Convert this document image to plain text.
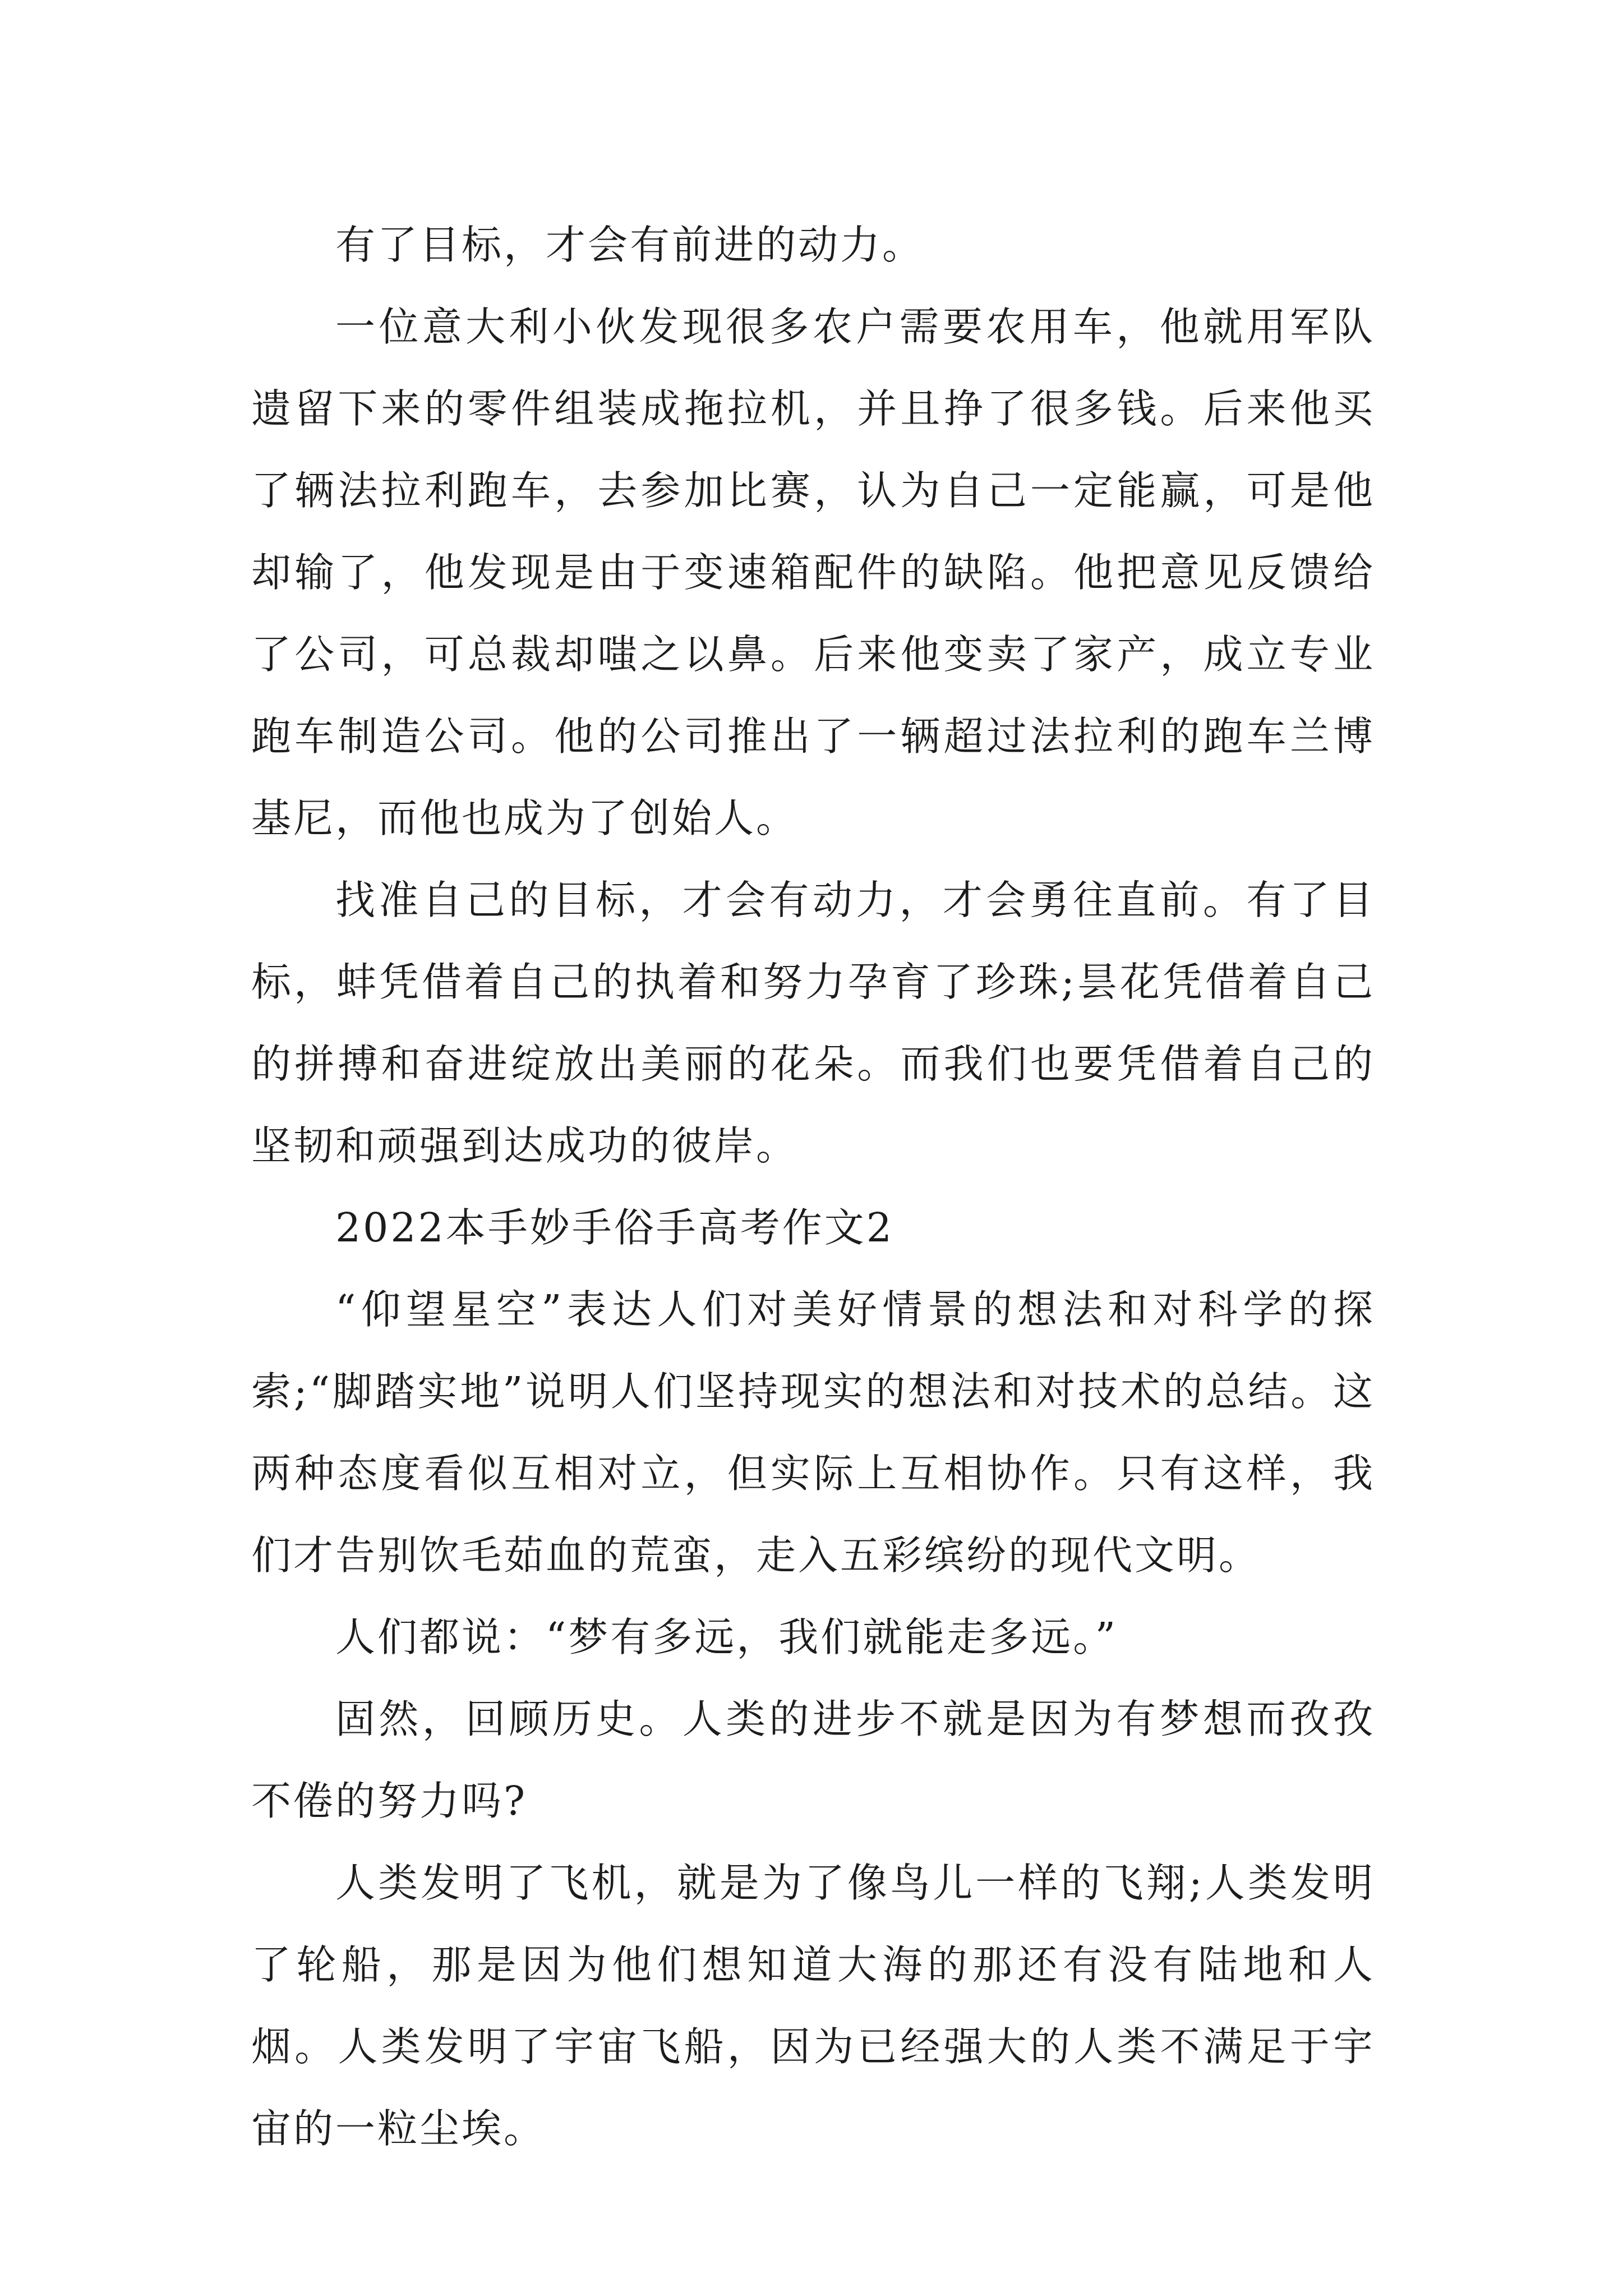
有了目标，才会有前进的动力。

一位意大利小伙发现很多农户需要农用车，他就用军队遗留下来的零件组装成拖拉机，并且挣了很多钱。后来他买了辆法拉利跑车，去参加比赛，认为自己一定能赢，可是他却输了，他发现是由于变速箱配件的缺陷。他把意见反馈给了公司，可总裁却嗤之以鼻。后来他变卖了家产，成立专业跑车制造公司。他的公司推出了一辆超过法拉利的跑车兰博基尼，而他也成为了创始人。

找准自己的目标，才会有动力，才会勇往直前。有了目标，蚌凭借着自己的执着和努力孕育了珍珠;昙花凭借着自己的拼搏和奋进绽放出美丽的花朵。而我们也要凭借着自己的坚韧和顽强到达成功的彼岸。

2022本手妙手俗手高考作文2

“仰望星空”表达人们对美好情景的想法和对科学的探索;“脚踏实地”说明人们坚持现实的想法和对技术的总结。这两种态度看似互相对立，但实际上互相协作。只有这样，我们才告别饮毛茹血的荒蛮，走入五彩缤纷的现代文明。

人们都说：“梦有多远，我们就能走多远。”

固然，回顾历史。人类的进步不就是因为有梦想而孜孜不倦的努力吗?

人类发明了飞机，就是为了像鸟儿一样的飞翔;人类发明了轮船，那是因为他们想知道大海的那还有没有陆地和人烟。人类发明了宇宙飞船，因为已经强大的人类不满足于宇宙的一粒尘埃。
